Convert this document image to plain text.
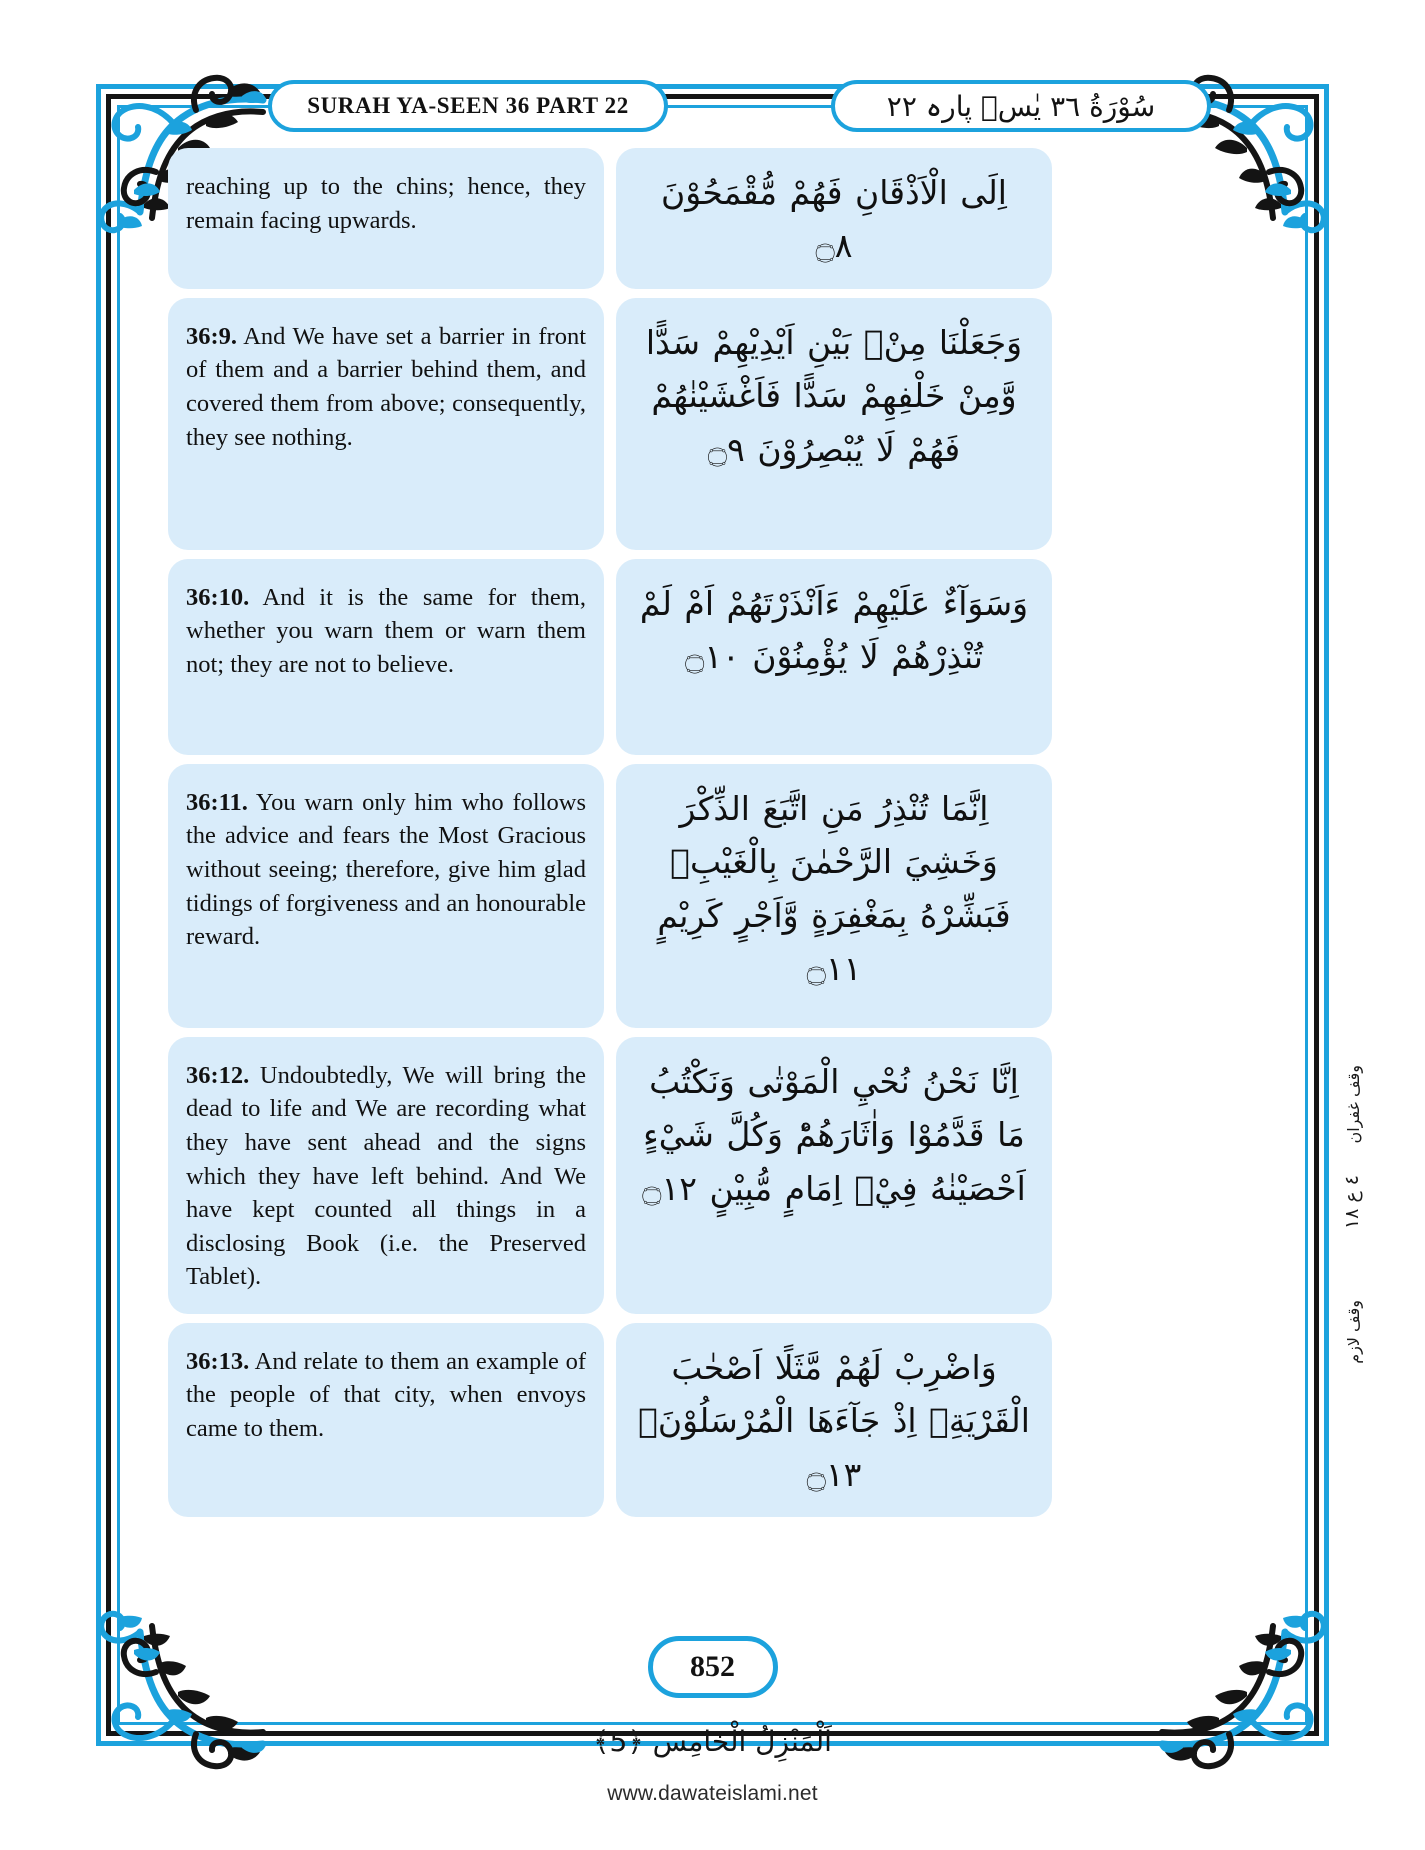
SURAH YA-SEEN 36 PART 22	سُوْرَةُ ٣٦ يٰسۤ پارہ ٢٢
reaching up to the chins; hence, they remain facing upwards.
اِلَى الْاَذْقَانِ فَهُمْ مُّقْمَحُوْنَ ۝۸
36:9. And We have set a barrier in front of them and a barrier behind them, and covered them from above; consequently, they see nothing.
وَجَعَلْنَا مِنْۢ بَيْنِ اَيْدِيْهِمْ سَدًّا وَّمِنْ خَلْفِهِمْ سَدًّا فَاَغْشَيْنٰهُمْ فَهُمْ لَا يُبْصِرُوْنَ ۝۹
36:10. And it is the same for them, whether you warn them or warn them not; they are not to believe.
وَسَوَآءٌ عَلَيْهِمْ ءَاَنْذَرْتَهُمْ اَمْ لَمْ تُنْذِرْهُمْ لَا يُؤْمِنُوْنَ ۝۱۰
36:11. You warn only him who follows the advice and fears the Most Gracious without seeing; therefore, give him glad tidings of forgiveness and an honourable reward.
اِنَّمَا تُنْذِرُ مَنِ اتَّبَعَ الذِّكْرَ وَخَشِيَ الرَّحْمٰنَ بِالْغَيْبِۚ فَبَشِّرْهُ بِمَغْفِرَةٍ وَّاَجْرٍ كَرِيْمٍ ۝۱۱
36:12. Undoubtedly, We will bring the dead to life and We are recording what they have sent ahead and the signs which they have left behind. And We have kept counted all things in a disclosing Book (i.e. the Preserved Tablet).
اِنَّا نَحْنُ نُحْيِ الْمَوْتٰى وَنَكْتُبُ مَا قَدَّمُوْا وَاٰثَارَهُمْؕ وَكُلَّ شَيْءٍ اَحْصَيْنٰهُ فِيْۤ اِمَامٍ مُّبِيْنٍ ۝۱۲
36:13. And relate to them an example of the people of that city, when envoys came to them.
وَاضْرِبْ لَهُمْ مَّثَلًا اَصْحٰبَ الْقَرْيَةِۘ اِذْ جَآءَهَا الْمُرْسَلُوْنَۚ ۝۱۳
وقف غفران
٤ ع ١٨
وقف لازم
852
اَلْمَنْزِلُ الْخَامِس ﴿5﴾
www.dawateislami.net
